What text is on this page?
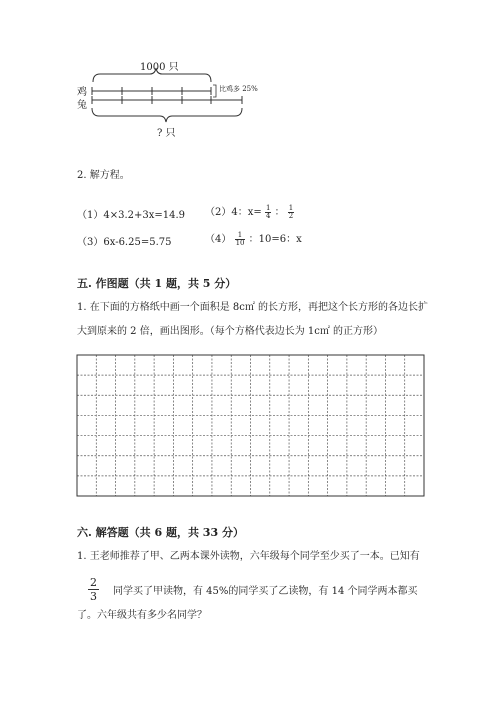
1000 只
鸡
兔
比鸡多 25%
? 只
2. 解方程。
（1）4×3.2+3x=14.9 （2）4：$x= \frac{1}{4}$ ： $\frac{1}{2}$
（3）6x-6.25=5.75	$(4) \frac{1}{10}$ ：10=6：x
五. 作图题（共 1 题，共 5 分）
1. 在下面的方格纸中画一个面积是 8c㎡ 的长方形，再把这个长方形的各边长扩
大到原来的 2 倍，画出图形。（每个方格代表边长为 1c㎡ 的正方形）
六. 解答题（共 6 题，共 33 分）
1. 王老师推荐了甲、乙两本课外读物，六年级每个同学至少买了一本。已知有
$\frac{2}{3}$ 同学买了甲读物，有 45%的同学买了乙读物，有 14 个同学两本都买
了。六年级共有多少名同学？
